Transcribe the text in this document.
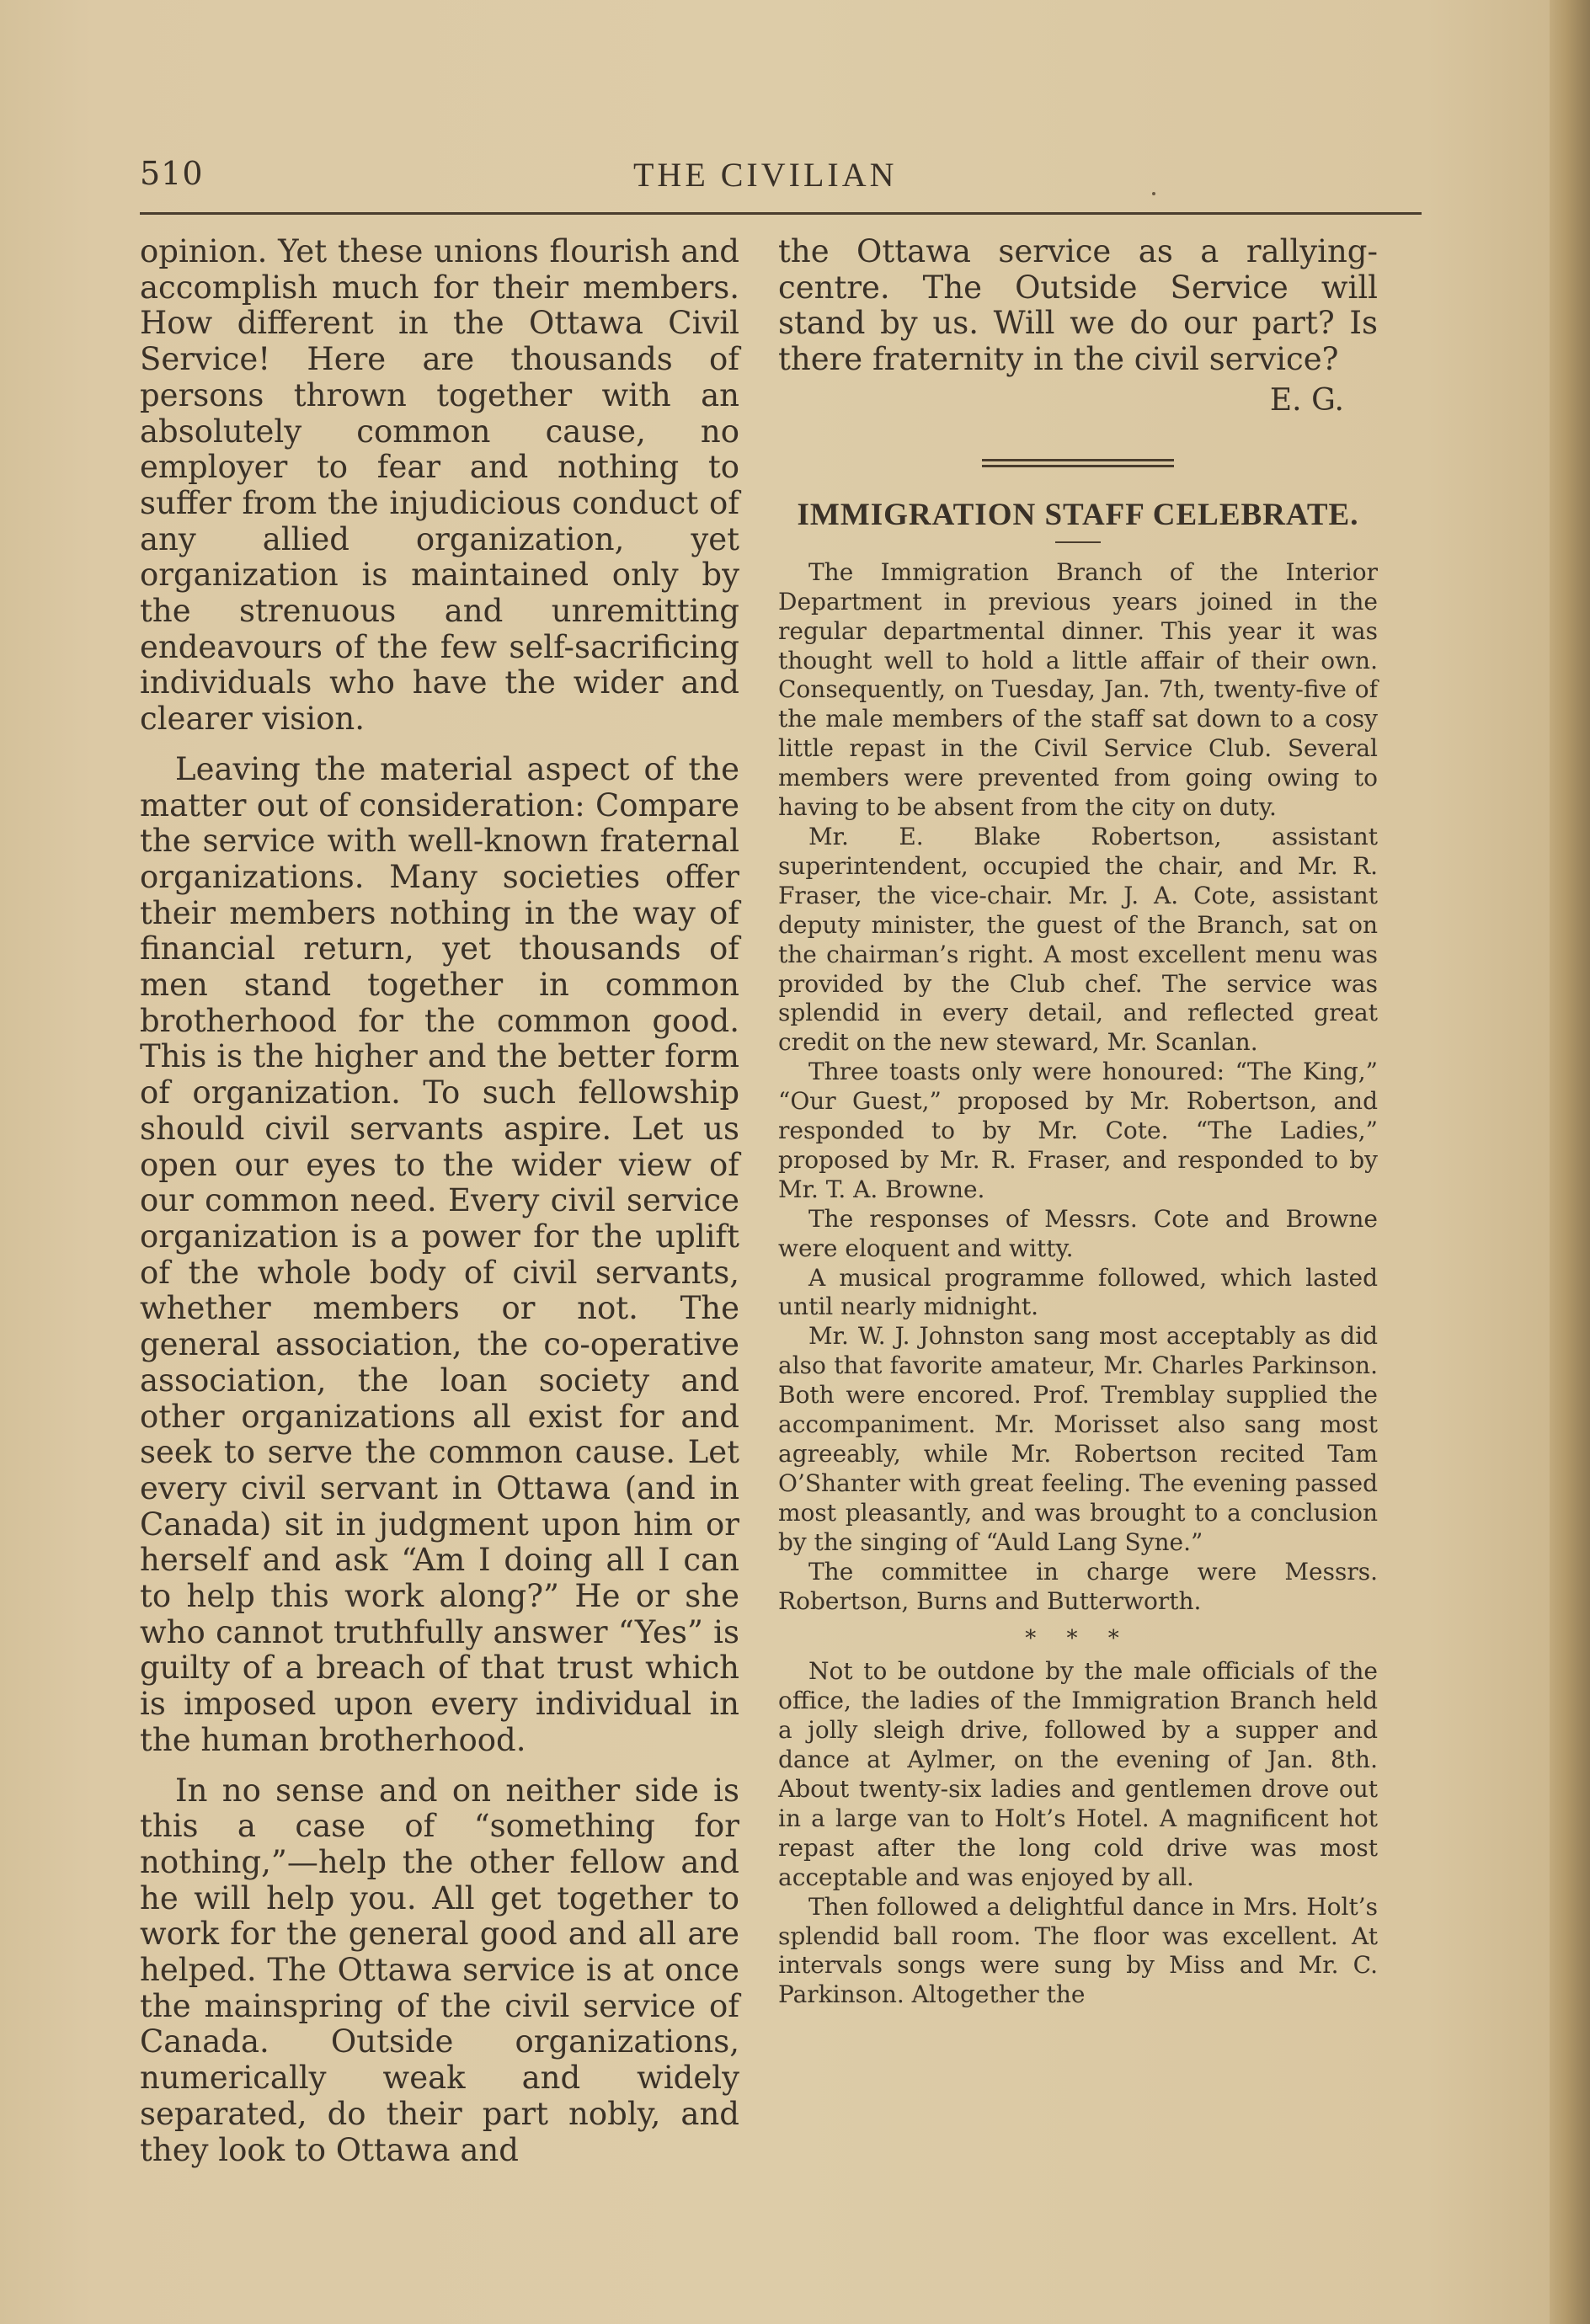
510	THE CIVILIAN

opinion. Yet these unions flourish and accomplish much for their members. How different in the Ottawa Civil Service! Here are thousands of persons thrown together with an absolutely common cause, no employer to fear and nothing to suffer from the injudicious conduct of any allied organization, yet organization is maintained only by the strenuous and unremitting endeavours of the few self-sacrificing individuals who have the wider and clearer vision.

Leaving the material aspect of the matter out of consideration: Compare the service with well-known fraternal organizations. Many societies offer their members nothing in the way of financial return, yet thousands of men stand together in common brotherhood for the common good. This is the higher and the better form of organization. To such fellowship should civil servants aspire. Let us open our eyes to the wider view of our common need. Every civil service organization is a power for the uplift of the whole body of civil servants, whether members or not. The general association, the co-operative association, the loan society and other organizations all exist for and seek to serve the common cause. Let every civil servant in Ottawa (and in Canada) sit in judgment upon him or herself and ask “Am I doing all I can to help this work along?” He or she who cannot truthfully answer “Yes” is guilty of a breach of that trust which is imposed upon every individual in the human brotherhood.

In no sense and on neither side is this a case of “something for nothing,”—help the other fellow and he will help you. All get together to work for the general good and all are helped. The Ottawa service is at once the mainspring of the civil service of Canada. Outside organizations, numerically weak and widely separated, do their part nobly, and they look to Ottawa and

the Ottawa service as a rallying-centre. The Outside Service will stand by us. Will we do our part? Is there fraternity in the civil service?

E. G.
IMMIGRATION STAFF CELEBRATE.

The Immigration Branch of the Interior Department in previous years joined in the regular departmental dinner. This year it was thought well to hold a little affair of their own. Consequently, on Tuesday, Jan. 7th, twenty-five of the male members of the staff sat down to a cosy little repast in the Civil Service Club. Several members were prevented from going owing to having to be absent from the city on duty.

Mr. E. Blake Robertson, assistant superintendent, occupied the chair, and Mr. R. Fraser, the vice-chair. Mr. J. A. Cote, assistant deputy minister, the guest of the Branch, sat on the chairman’s right. A most excellent menu was provided by the Club chef. The service was splendid in every detail, and reflected great credit on the new steward, Mr. Scanlan.

Three toasts only were honoured: “The King,” “Our Guest,” proposed by Mr. Robertson, and responded to by Mr. Cote. “The Ladies,” proposed by Mr. R. Fraser, and responded to by Mr. T. A. Browne.

The responses of Messrs. Cote and Browne were eloquent and witty.

A musical programme followed, which lasted until nearly midnight.

Mr. W. J. Johnston sang most acceptably as did also that favorite amateur, Mr. Charles Parkinson. Both were encored. Prof. Tremblay supplied the accompaniment. Mr. Morisset also sang most agreeably, while Mr. Robertson recited Tam O’Shanter with great feeling. The evening passed most pleasantly, and was brought to a conclusion by the singing of “Auld Lang Syne.”

The committee in charge were Messrs. Robertson, Burns and Butterworth.

* * *

Not to be outdone by the male officials of the office, the ladies of the Immigration Branch held a jolly sleigh drive, followed by a supper and dance at Aylmer, on the evening of Jan. 8th. About twenty-six ladies and gentlemen drove out in a large van to Holt’s Hotel. A magnificent hot repast after the long cold drive was most acceptable and was enjoyed by all.

Then followed a delightful dance in Mrs. Holt’s splendid ball room. The floor was excellent. At intervals songs were sung by Miss and Mr. C. Parkinson. Altogether the
